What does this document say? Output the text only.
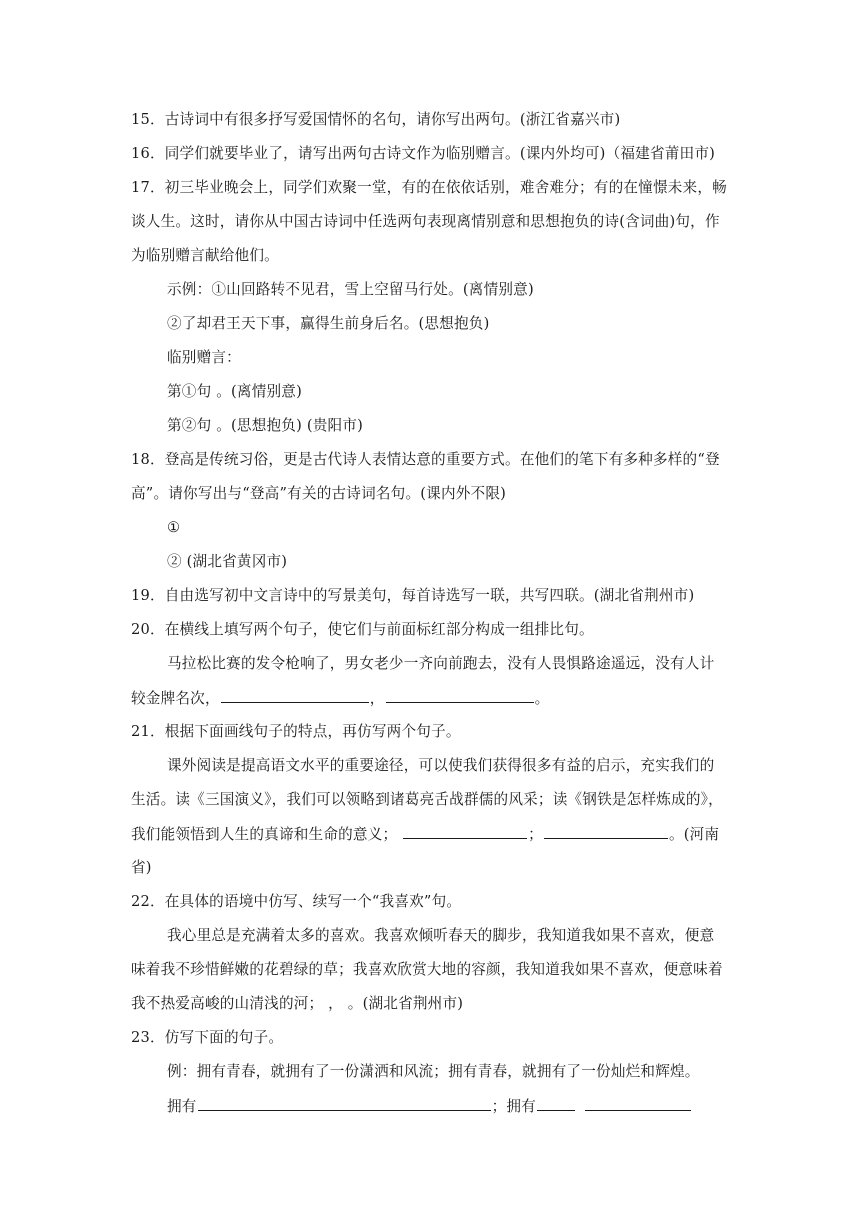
15．古诗词中有很多抒写爱国情怀的名句，请你写出两句。(浙江省嘉兴市)
16．同学们就要毕业了，请写出两句古诗文作为临别赠言。(课内外均可)（福建省莆田市)
17．初三毕业晚会上，同学们欢聚一堂，有的在依依话别，难舍难分；有的在憧憬未来，畅
谈人生。这时，请你从中国古诗词中任选两句表现离情别意和思想抱负的诗(含词曲)句，作
为临别赠言献给他们。
示例：①山回路转不见君，雪上空留马行处。(离情别意)
②了却君王天下事，赢得生前身后名。(思想抱负)
临别赠言：
第①句 。(离情别意)
第②句 。(思想抱负) (贵阳市)
18．登高是传统习俗，更是古代诗人表情达意的重要方式。在他们的笔下有多种多样的“登
高”。请你写出与“登高”有关的古诗词名句。(课内外不限)
①
② (湖北省黄冈市)
19．自由选写初中文言诗中的写景美句，每首诗选写一联，共写四联。(湖北省荆州市)
20．在横线上填写两个句子，使它们与前面标红部分构成一组排比句。
马拉松比赛的发令枪响了，男女老少一齐向前跑去，没有人畏惧路途遥远，没有人计
较金牌名次，	，	。
21．根据下面画线句子的特点，再仿写两个句子。
课外阅读是提高语文水平的重要途径，可以使我们获得很多有益的启示，充实我们的
生活。读《三国演义》，我们可以领略到诸葛亮舌战群儒的风采；读《钢铁是怎样炼成的》，
我们能领悟到人生的真谛和生命的意义；	；	。(河南
省)
22．在具体的语境中仿写、续写一个“我喜欢”句。
我心里总是充满着太多的喜欢。我喜欢倾听春天的脚步，我知道我如果不喜欢，便意
味着我不珍惜鲜嫩的花碧绿的草；我喜欢欣赏大地的容颜，我知道我如果不喜欢，便意味着
我不热爱高峻的山清浅的河； ， 。(湖北省荆州市)
23．仿写下面的句子。
例：拥有青春，就拥有了一份潇洒和风流；拥有青春，就拥有了一份灿烂和辉煌。
拥有	；拥有
